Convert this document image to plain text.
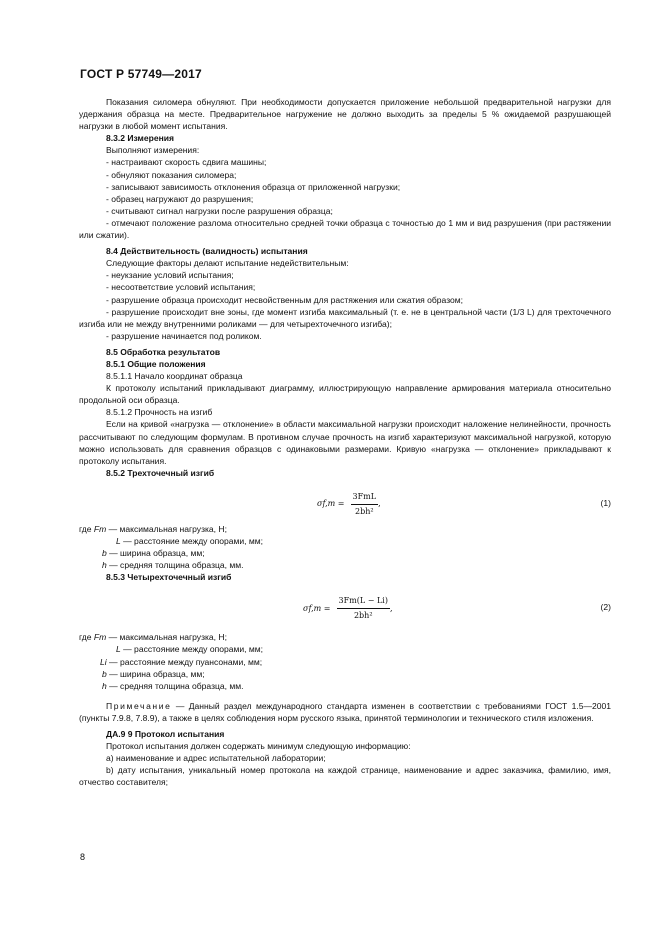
ГОСТ Р 57749—2017

Показания силомера обнуляют. При необходимости допускается приложение небольшой предварительной нагрузки для удержания образца на месте. Предварительное нагружение не должно выходить за пределы 5 % ожидаемой разрушающей нагрузки в любой момент испытания.

8.3.2 Измерения

Выполняют измерения:

- настраивают скорость сдвига машины;

- обнуляют показания силомера;

- записывают зависимость отклонения образца от приложенной нагрузки;

- образец нагружают до разрушения;

- считывают сигнал нагрузки после разрушения образца;

- отмечают положение разлома относительно средней точки образца с точностью до 1 мм и вид разрушения (при растяжении или сжатии).

8.4 Действительность (валидность) испытания

Следующие факторы делают испытание недействительным:

- неукзание условий испытания;

- несоответствие условий испытания;

- разрушение образца происходит несвойственным для растяжения или сжатия образом;

- разрушение происходит вне зоны, где момент изгиба максимальный (т. е. не в центральной части (1/3 L) для трехточечного изгиба или не между внутренними роликами — для четырехточечного изгиба);

- разрушение начинается под роликом.

8.5 Обработка результатов

8.5.1 Общие положения

8.5.1.1 Начало координат образца

К протоколу испытаний прикладывают диаграмму, иллюстрирующую направление армирования материала относительно продольной оси образца.

8.5.1.2 Прочность на изгиб

Если на кривой «нагрузка — отклонение» в области максимальной нагрузки происходит наложение нелинейности, прочность рассчитывают по следующим формулам. В противном случае прочность на изгиб характеризуют максимальной нагрузкой, которую можно использовать для сравнения образцов с одинаковыми размерами. Кривую «нагрузка — отклонение» прикладывают к протоколу испытания.

8.5.2 Трехточечный изгиб

$\sigma f,m = \frac{\text{3FmL}}{\text{2bh²}}$ ,	(1)

где Fm — максимальная нагрузка, Н;

L — расстояние между опорами, мм;

b — ширина образца, мм;

h — средняя толщина образца, мм.

8.5.3 Четырехточечный изгиб

$\sigma f,m = \frac{3Fm(L - Li)}{\text{2bh²}}$ ,	(2)

где Fm — максимальная нагрузка, Н;

L — расстояние между опорами, мм;

Li — расстояние между пуансонами, мм;

b — ширина образца, мм;

h — средняя толщина образца, мм.

Примечание — Данный раздел международного стандарта изменен в соответствии с требованиями ГОСТ 1.5—2001 (пункты 7.9.8, 7.8.9), а также в целях соблюдения норм русского языка, принятой терминологии и технического стиля изложения.

ДА.9 9 Протокол испытания

Протокол испытания должен содержать минимум следующую информацию:

а) наименование и адрес испытательной лаборатории;

b) дату испытания, уникальный номер протокола на каждой странице, наименование и адрес заказчика, фамилию, имя, отчество составителя;

8
